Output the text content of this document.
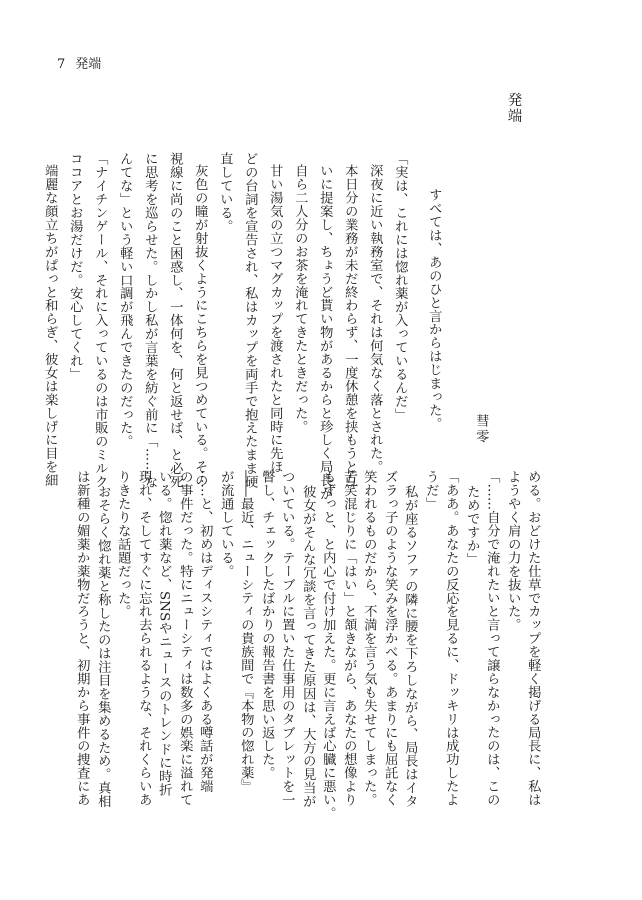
7 発端
発端
彗零
すべては、あのひと言からはじまった。
「実は、これには惚れ薬が入っているんだ」
深夜に近い執務室で、それは何気なく落とされた。
本日分の業務が未だ終わらず、一度休憩を挟もうと互
いに提案し、ちょうど貰い物があるからと珍しく局長が
自ら二人分のお茶を淹れてきたときだった。
甘い湯気の立つマグカップを渡されたと同時に先ほ
どの台詞を宣告され、私はカップを両手で抱えたまま硬
直している。
灰色の瞳が射抜くようにこちらを見つめている。その
視線に尚のこと困惑し、一体何を、何と返せば、と必死
に思考を巡らせた。しかし私が言葉を紡ぐ前に「……な
んてな」という軽い口調が飛んできたのだった。
「ナイチンゲール、それに入っているのは市販のミルク
ココアとお湯だけだ。安心してくれ」
端麗な顔立ちがぱっと和らぎ、彼女は楽しげに目を細
める。おどけた仕草でカップを軽く掲げる局長に、私は
ようやく肩の力を抜いた。
「……自分で淹れたいと言って譲らなかったのは、この
ためですか」
「ああ。あなたの反応を見るに、ドッキリは成功したよ
うだ」
私が座るソファの隣に腰を下ろしながら、局長はイタ
ズラっ子のような笑みを浮かべる。あまりにも屈託なく
笑われるものだから、不満を言う気も失せてしまった。
苦笑混じりに「はい」と頷きながら、あなたの想像より
もずっと、と内心で付け加えた。更に言えば心臓に悪い。
彼女がそんな冗談を言ってきた原因は、大方の見当が
ついている。テーブルに置いた仕事用のタブレットを一
瞥し、チェックしたばかりの報告書を思い返した。
――最近、ニューシティの貴族間で『本物の惚れ薬』
が流通している。
……と、初めはディスシティではよくある噂話が発端
の事件だった。特にニューシティは数多の娯楽に溢れて
いる。惚れ薬など、SNSやニュースのトレンドに時折
現れ、そしてすぐに忘れ去られるような、それくらいあ
りきたりな話題だった。
おそらく惚れ薬と称したのは注目を集めるため。真相
は新種の媚薬か薬物だろうと、初期から事件の捜査にあ
